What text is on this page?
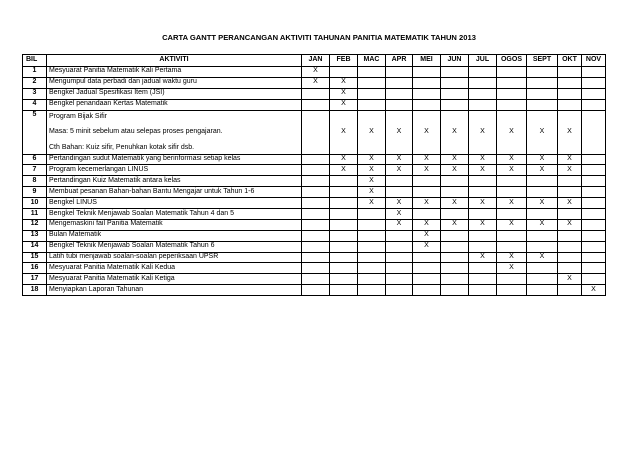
CARTA GANTT PERANCANGAN AKTIVITI TAHUNAN PANITIA MATEMATIK TAHUN 2013
BIL	AKTIVITI	JAN	FEB	MAC	APR	MEI	JUN	JUL	OGOS	SEPT	OKT	NOV
1	Mesyuarat Panitia Matematik Kali Pertama	X										
2	Mengumpul data perbadi dan jadual waktu guru	X	X									
3	Bengkel Jadual Spesifikasi Item (JSI)		X									
4	Bengkel penandaan Kertas Matematik		X									
5	Program Bijak Sifir
Masa: 5 minit sebelum atau selepas proses pengajaran.
Cth Bahan: Kuiz sifir, Penuhkan kotak sifir dsb.		X	X	X	X	X	X	X	X	X	
6	Pertandingan sudut Matematik yang berinformasi setiap kelas		X	X	X	X	X	X	X	X	X	
7	Program kecemerlangan LINUS		X	X	X	X	X	X	X	X	X	
8	Pertandingan Kuiz Matematik antara kelas			X								
9	Membuat pesanan Bahan-bahan Bantu Mengajar untuk Tahun 1-6			X								
10	Bengkel LINUS			X	X	X	X	X	X	X	X	
11	Bengkel Teknik Menjawab Soalan Matematik Tahun 4 dan 5				X							
12	Mengemaskini fail Panitia Matematik				X	X	X	X	X	X	X	
13	Bulan Matematik					X						
14	Bengkel Teknik Menjawab Soalan Matematik Tahun 6					X						
15	Latih tubi menjawab soalan-soalan peperiksaan UPSR							X	X	X		
16	Mesyuarat Panitia Matematik Kali Kedua								X			
17	Mesyuarat Panitia Matematik Kali Ketiga										X	
18	Menyiapkan Laporan Tahunan											X
